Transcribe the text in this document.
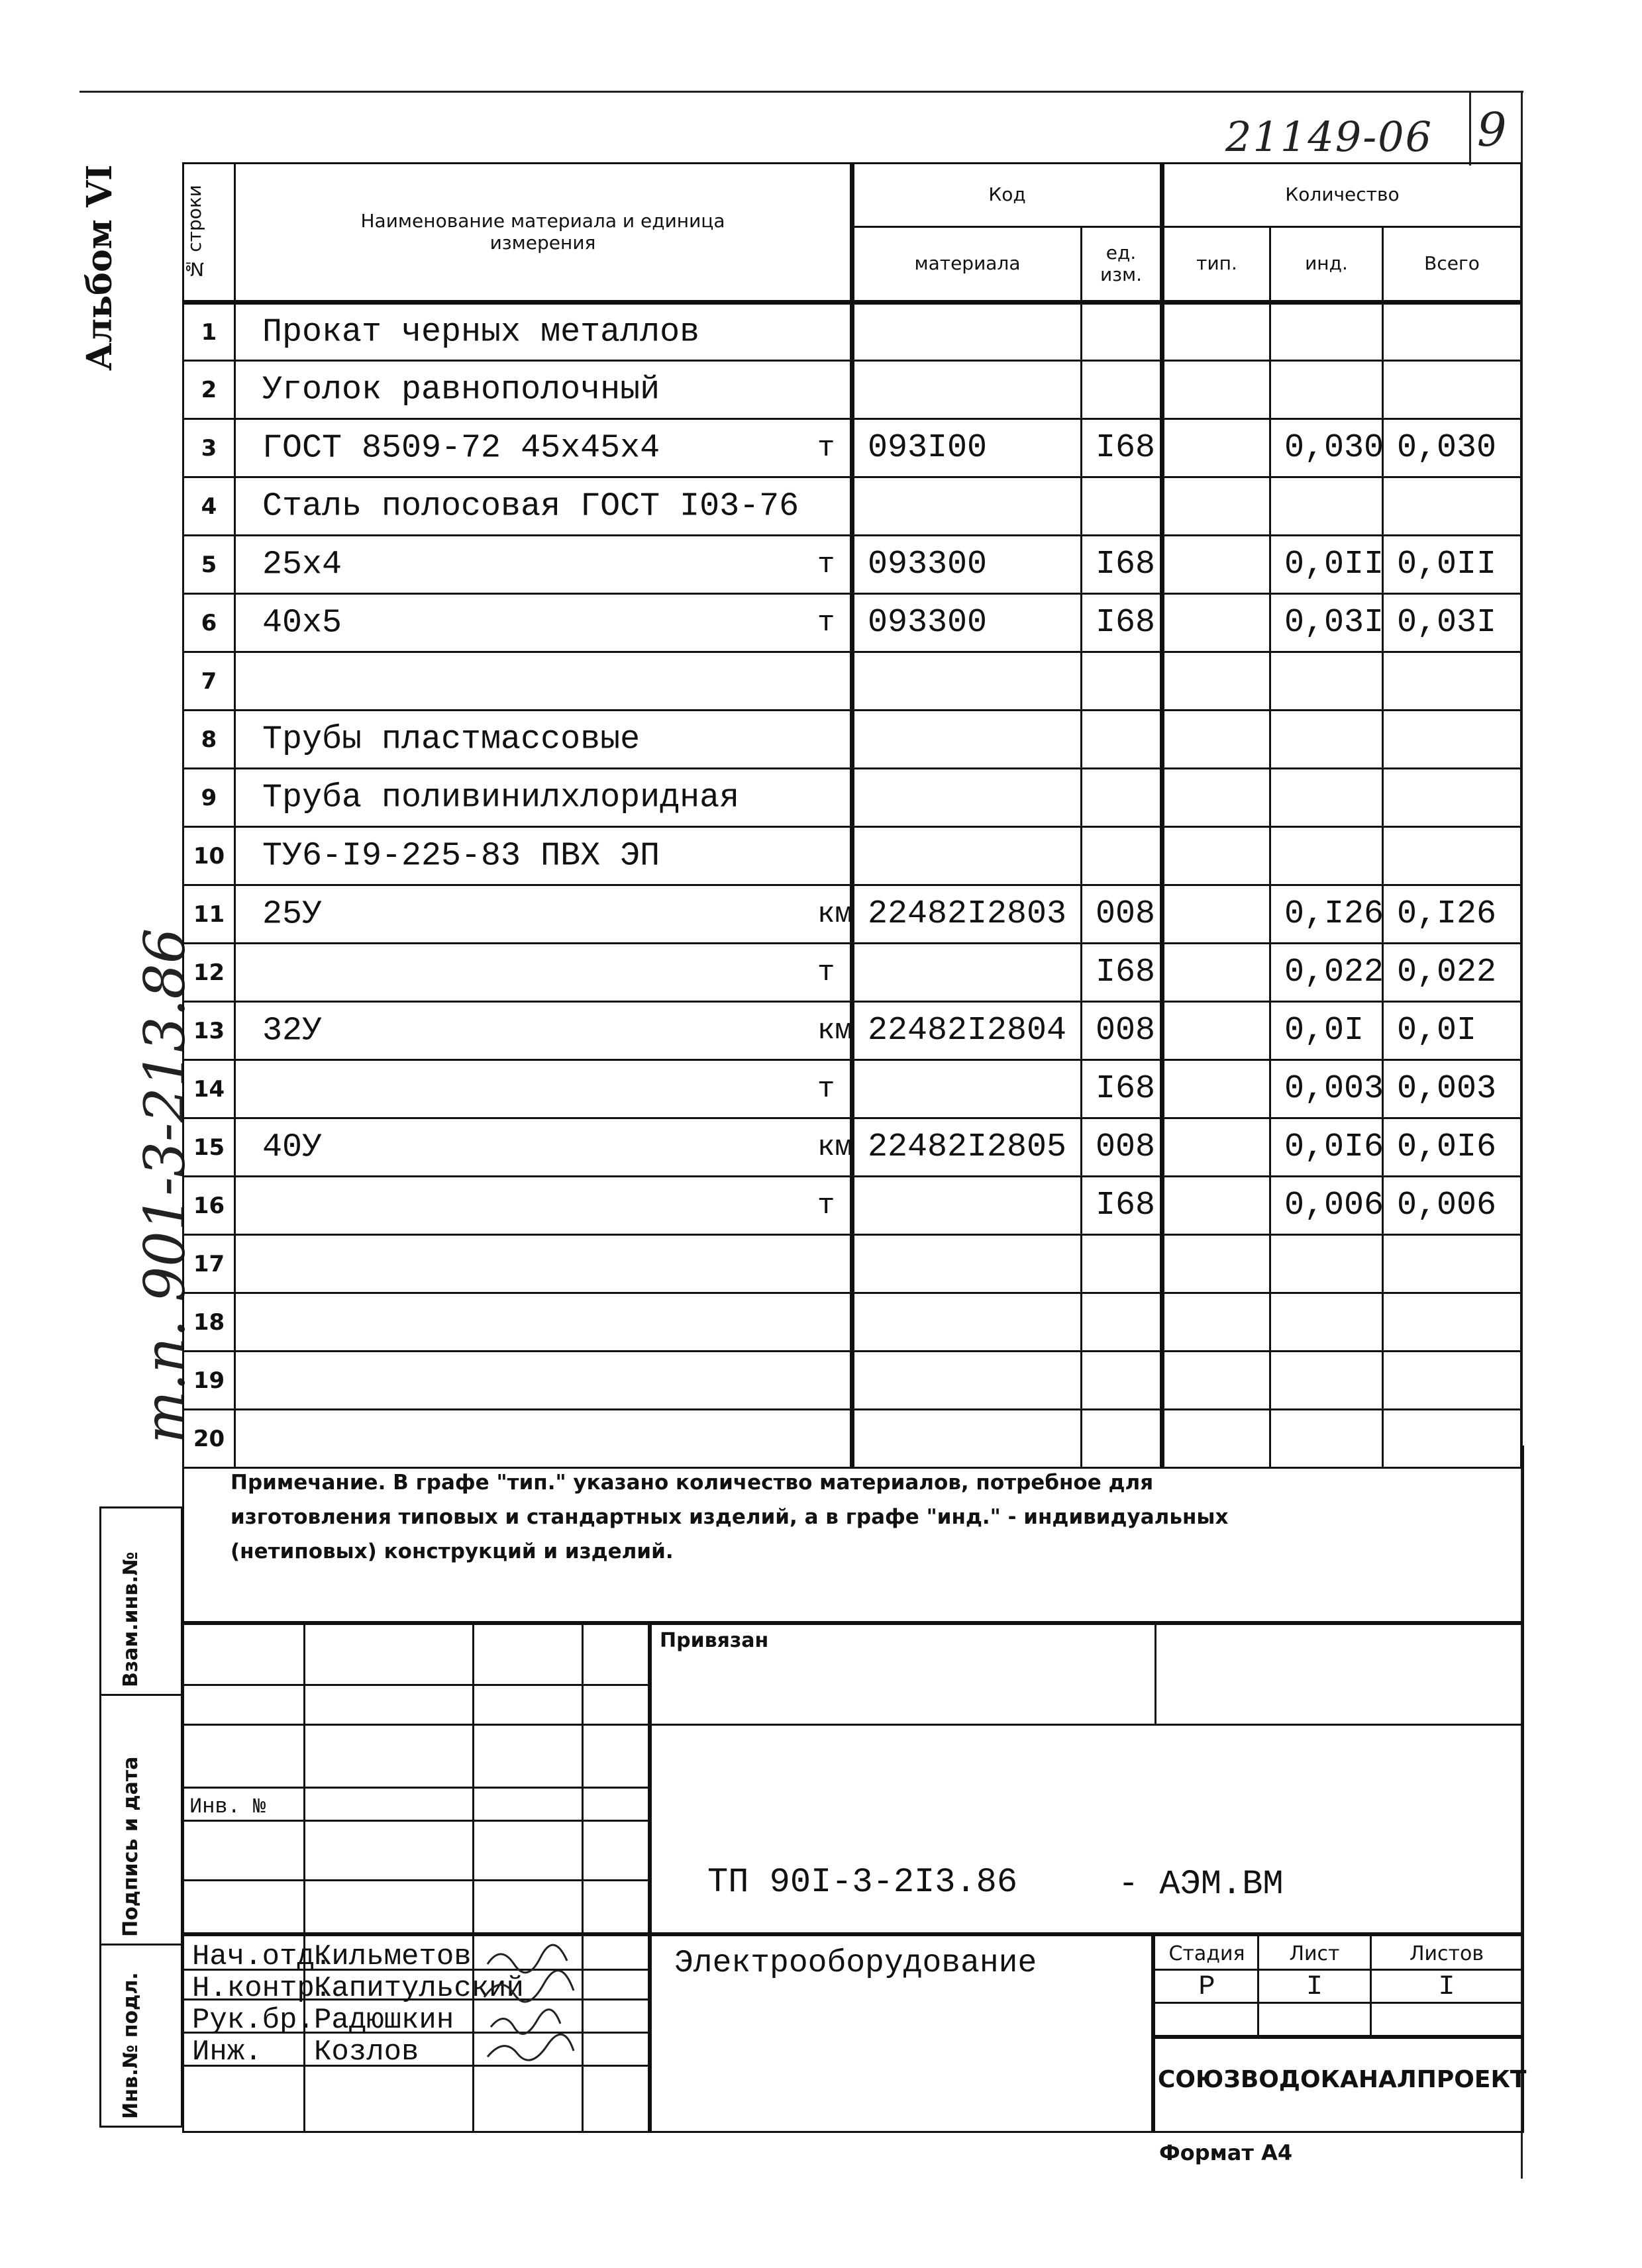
21149-06 9
Альбом VI
т.п. 901-3-213.86
№ строки	Наименование материала и единица измерения	Код		Количество		
		материала	ед. изм.	тип.	инд.	Всего
1	Прокат черных металлов					

2	Уголок равнополочный					

3	ГОСТ 8509-72 45х45х4 т	093I00	I68		0,030	0,030
4	Сталь полосовая ГОСТ I03-76					

5	25х4 т	093300	I68		0,0II	0,0II
6	40х5 т	093300	I68		0,03I	0,03I
7	

8	Трубы пластмассовые					

9	Труба поливинилхлоридная					

10	ТУ6-I9-225-83 ПВХ ЭП					

11	25У км	22482I2803	008		0,I26	0,I26
12	т		I68		0,022	0,022
13	32У км	22482I2804	008		0,0I	0,0I
14	т		I68		0,003	0,003
15	40У км	22482I2805	008		0,0I6	0,0I6
16	т		I68		0,006	0,006
17	

18	

19	

20	

Примечание. В графе "тип." указано количество материалов, потребное для изготовления типовых и стандартных изделий, а в графе "инд." - индивидуальных (нетиповых) конструкций и изделий.
Взам.инв.№
Подпись и дата
Инв.№ подл.
Привязан
Инв. №
ТП 90I-3-2I3.86	- АЭМ.ВМ
Электрооборудование	Стадия	Лист	Листов
Р	I	I
СОЮЗВОДОКАНАЛПРОЕКТ
Нач.отд.
Кильметов
Н.контр.
Капитульский
Рук.бр. Радюшкин
Инж. Козлов
Формат А4
